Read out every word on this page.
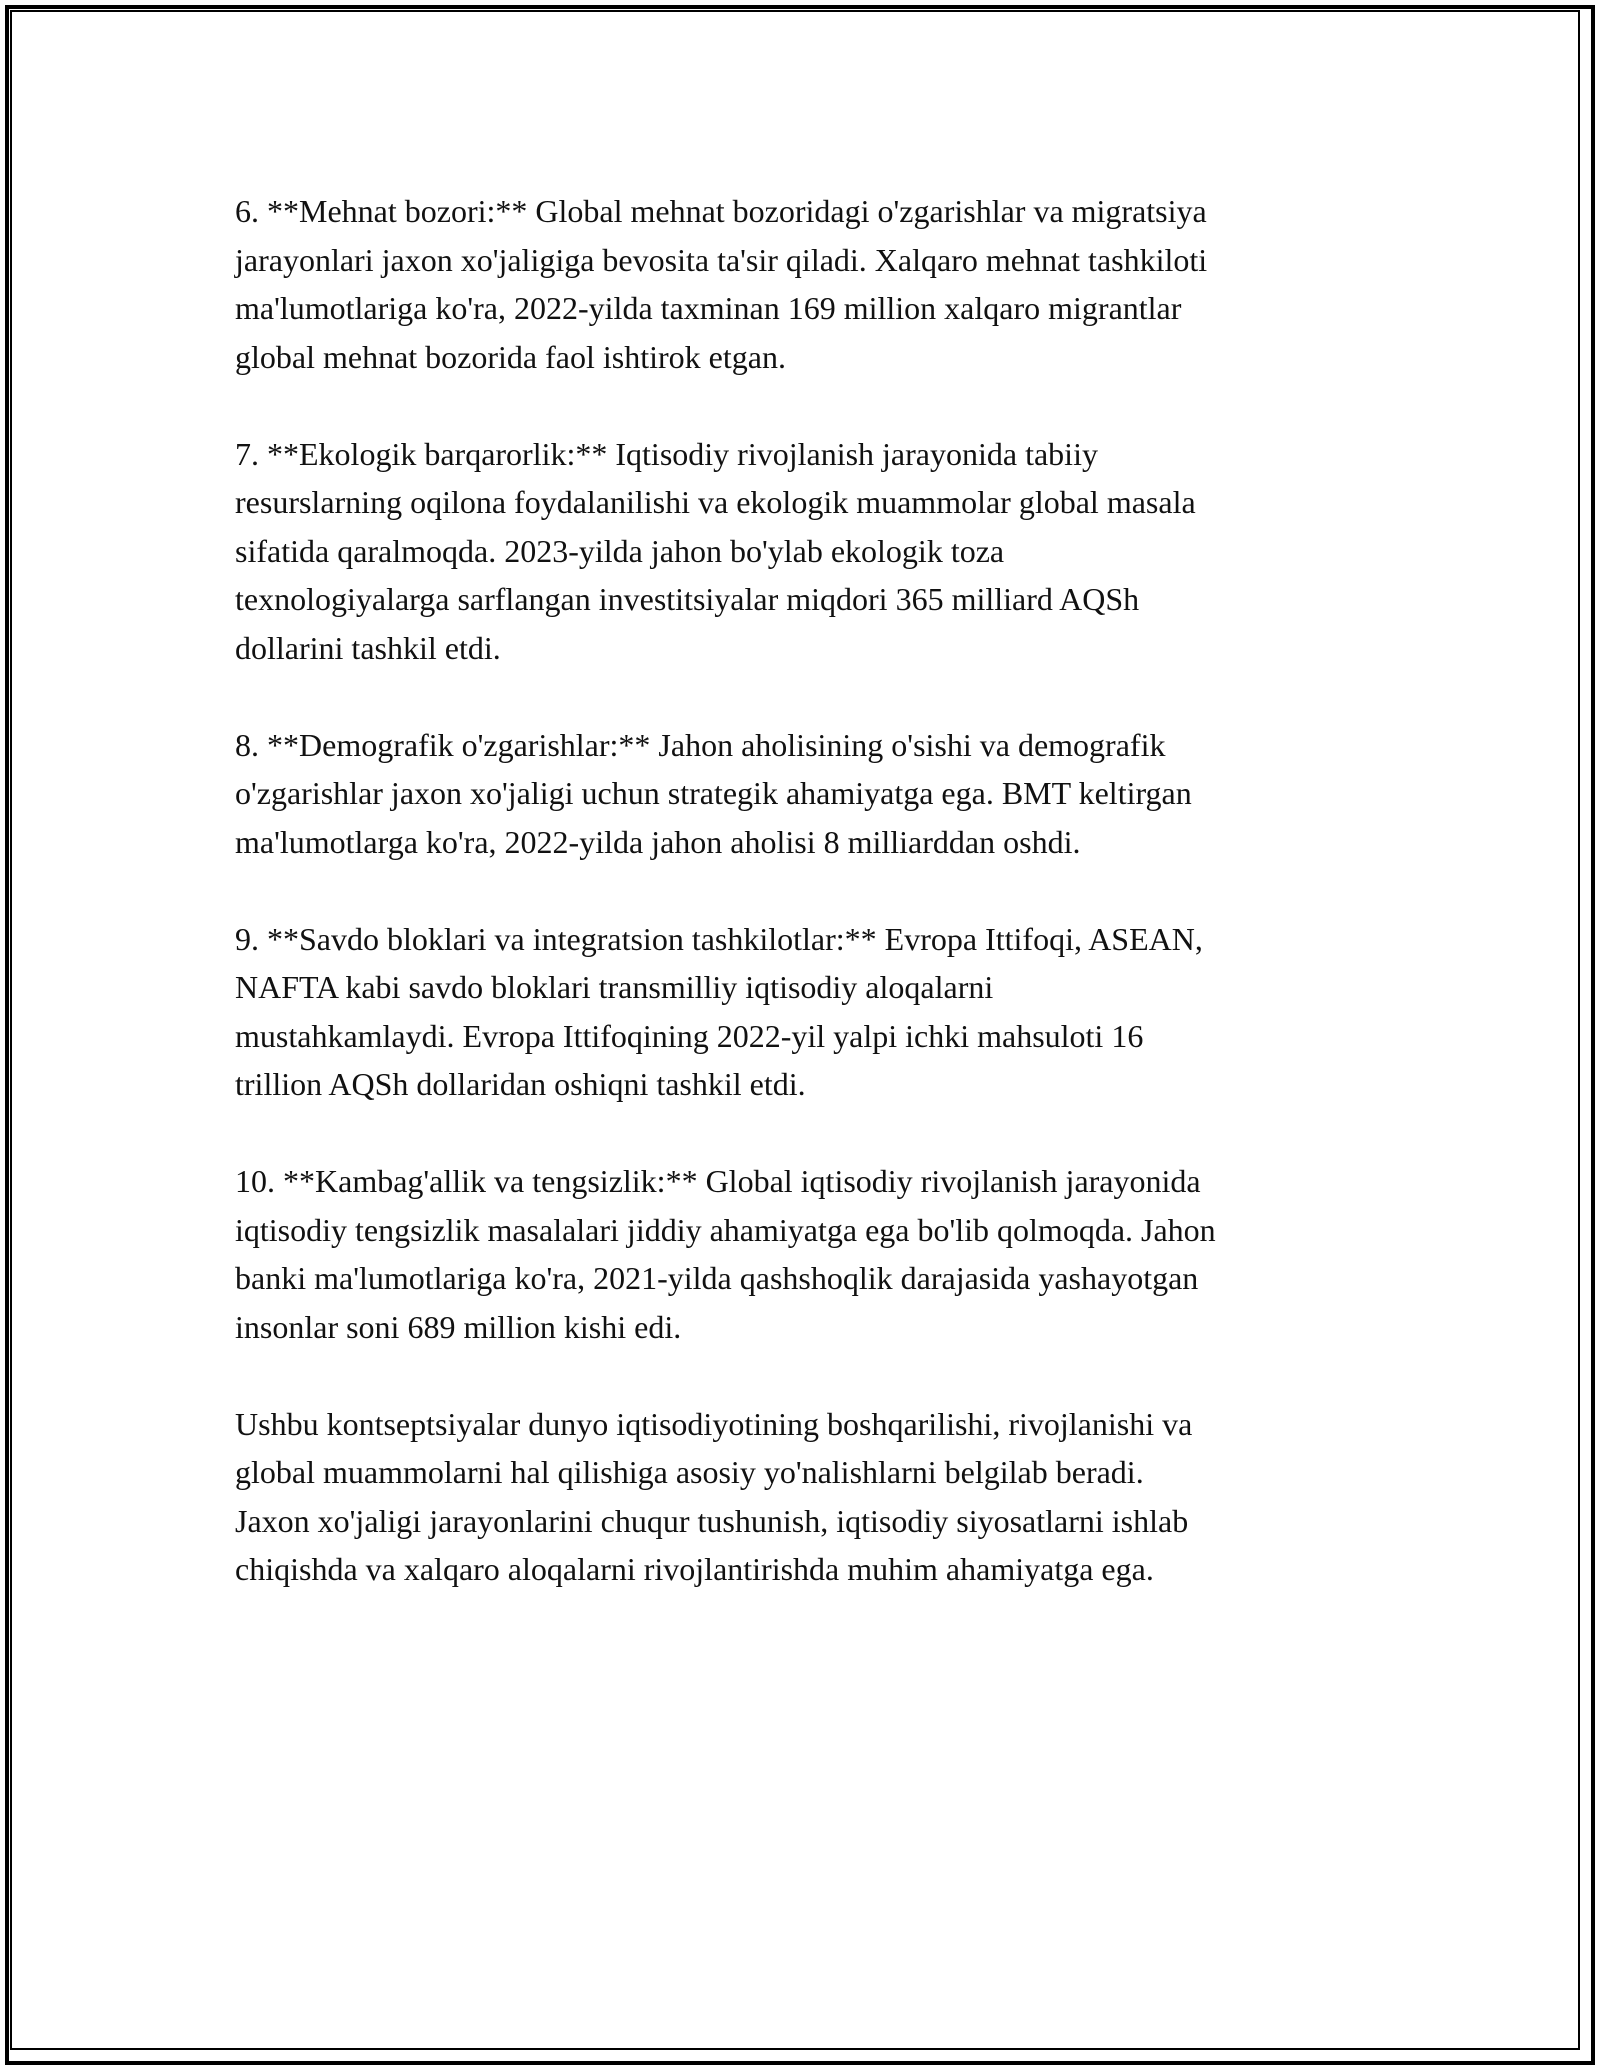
6. **Mehnat bozori:** Global mehnat bozoridagi o'zgarishlar va migratsiya
jarayonlari jaxon xo'jaligiga bevosita ta'sir qiladi. Xalqaro mehnat tashkiloti
ma'lumotlariga ko'ra, 2022-yilda taxminan 169 million xalqaro migrantlar
global mehnat bozorida faol ishtirok etgan.

7. **Ekologik barqarorlik:** Iqtisodiy rivojlanish jarayonida tabiiy
resurslarning oqilona foydalanilishi va ekologik muammolar global masala
sifatida qaralmoqda. 2023-yilda jahon bo'ylab ekologik toza
texnologiyalarga sarflangan investitsiyalar miqdori 365 milliard AQSh
dollarini tashkil etdi.

8. **Demografik o'zgarishlar:** Jahon aholisining o'sishi va demografik
o'zgarishlar jaxon xo'jaligi uchun strategik ahamiyatga ega. BMT keltirgan
ma'lumotlarga ko'ra, 2022-yilda jahon aholisi 8 milliarddan oshdi.

9. **Savdo bloklari va integratsion tashkilotlar:** Evropa Ittifoqi, ASEAN,
NAFTA kabi savdo bloklari transmilliy iqtisodiy aloqalarni
mustahkamlaydi. Evropa Ittifoqining 2022-yil yalpi ichki mahsuloti 16
trillion AQSh dollaridan oshiqni tashkil etdi.

10. **Kambag'allik va tengsizlik:** Global iqtisodiy rivojlanish jarayonida
iqtisodiy tengsizlik masalalari jiddiy ahamiyatga ega bo'lib qolmoqda. Jahon
banki ma'lumotlariga ko'ra, 2021-yilda qashshoqlik darajasida yashayotgan
insonlar soni 689 million kishi edi.

Ushbu kontseptsiyalar dunyo iqtisodiyotining boshqarilishi, rivojlanishi va
global muammolarni hal qilishiga asosiy yo'nalishlarni belgilab beradi.
Jaxon xo'jaligi jarayonlarini chuqur tushunish, iqtisodiy siyosatlarni ishlab
chiqishda va xalqaro aloqalarni rivojlantirishda muhim ahamiyatga ega.
